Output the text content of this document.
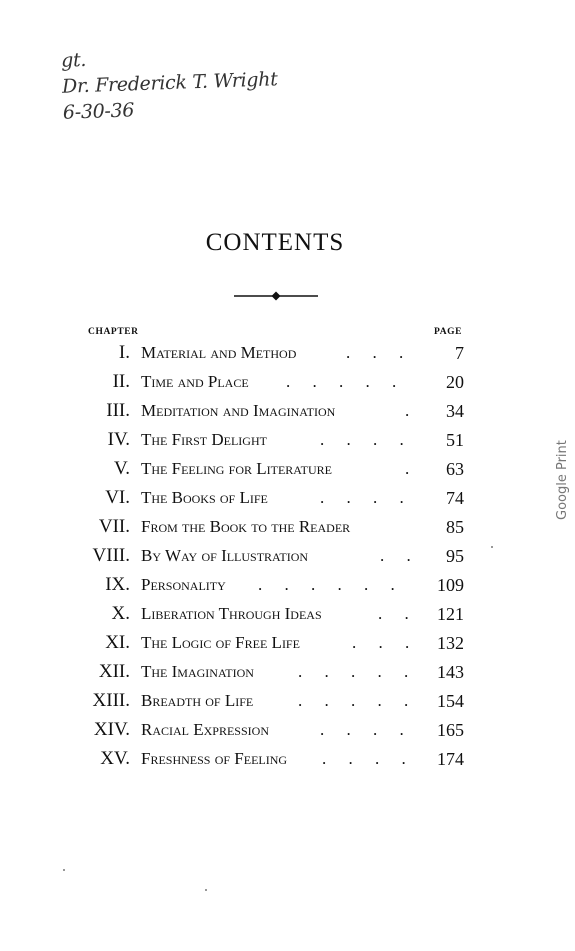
gt.
Dr. Frederick T. Wright
6-30-36
CONTENTS
CHAPTER	PAGE
I. Material and Method	. . . 7
II. Time and Place . . . . . 20
III. Meditation and Imagination	. 34
IV. The First Delight	. . . . 51
V. The Feeling for Literature	. 63
VI. The Books of Life	. . . . 74
VII. From the Book to the Reader	85
VIII. By Way of Illustration	. . 95
IX. Personality . . . . . . 109
X. Liberation Through Ideas	. . 121
XI. The Logic of Free Life	. . . 132
XII. The Imagination	. . . . . 143
XIII. Breadth of Life	. . . . . 154
XIV. Racial Expression	. . . . 165
XV. Freshness of Feeling . . . . 174
Google Print
